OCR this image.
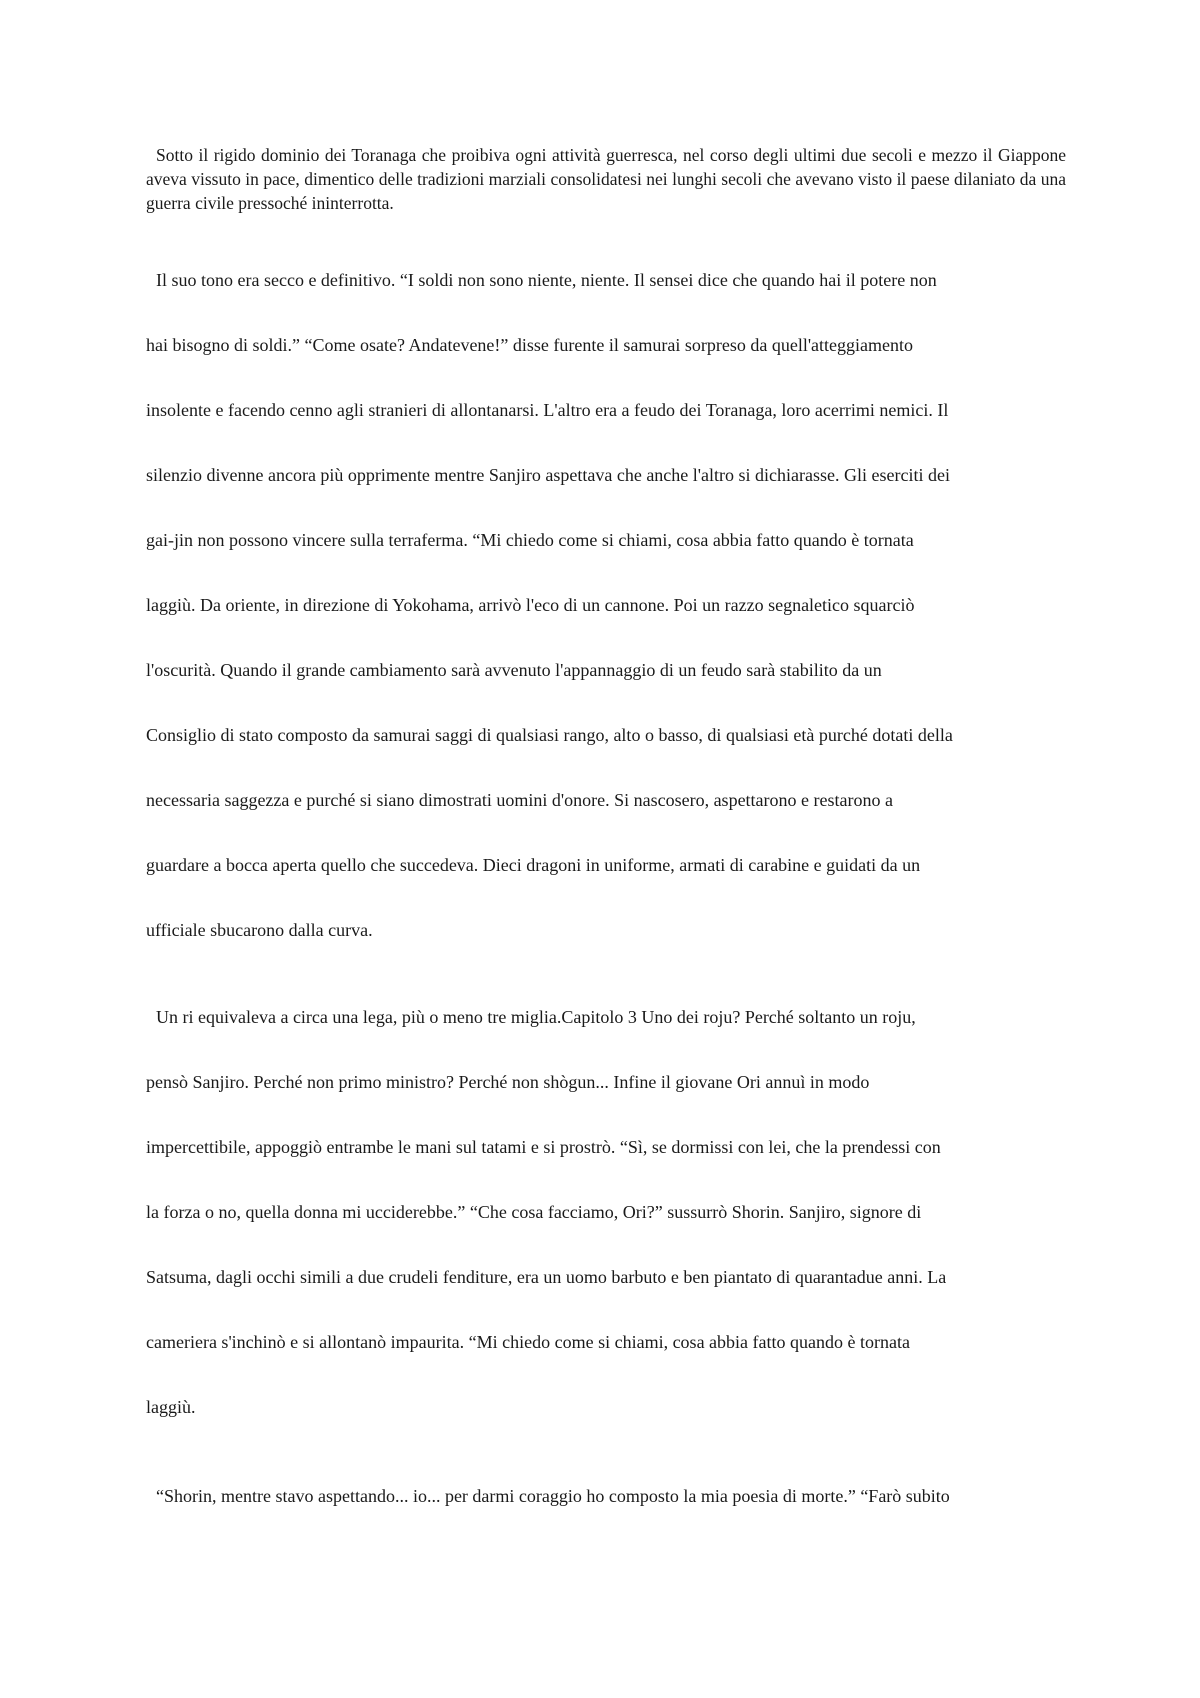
Sotto il rigido dominio dei Toranaga che proibiva ogni attività guerresca, nel corso degli ultimi due secoli e mezzo il Giappone aveva vissuto in pace, dimentico delle tradizioni marziali consolidatesi nei lunghi secoli che avevano visto il paese dilaniato da una guerra civile pressoché ininterrotta.
Il suo tono era secco e definitivo. “I soldi non sono niente, niente. Il sensei dice che quando hai il potere non
hai bisogno di soldi.” “Come osate? Andatevene!” disse furente il samurai sorpreso da quell'atteggiamento
insolente e facendo cenno agli stranieri di allontanarsi. L'altro era a feudo dei Toranaga, loro acerrimi nemici. Il
silenzio divenne ancora più opprimente mentre Sanjiro aspettava che anche l'altro si dichiarasse. Gli eserciti dei
gai-jin non possono vincere sulla terraferma. “Mi chiedo come si chiami, cosa abbia fatto quando è tornata
laggiù. Da oriente, in direzione di Yokohama, arrivò l'eco di un cannone. Poi un razzo segnaletico squarciò
l'oscurità. Quando il grande cambiamento sarà avvenuto l'appannaggio di un feudo sarà stabilito da un
Consiglio di stato composto da samurai saggi di qualsiasi rango, alto o basso, di qualsiasi età purché dotati della
necessaria saggezza e purché si siano dimostrati uomini d'onore. Si nascosero, aspettarono e restarono a
guardare a bocca aperta quello che succedeva. Dieci dragoni in uniforme, armati di carabine e guidati da un
ufficiale sbucarono dalla curva.
Un ri equivaleva a circa una lega, più o meno tre miglia.Capitolo 3 Uno dei roju? Perché soltanto un roju,
pensò Sanjiro. Perché non primo ministro? Perché non shògun... Infine il giovane Ori annuì in modo
impercettibile, appoggiò entrambe le mani sul tatami e si prostrò. “Sì, se dormissi con lei, che la prendessi con
la forza o no, quella donna mi ucciderebbe.” “Che cosa facciamo, Ori?” sussurrò Shorin. Sanjiro, signore di
Satsuma, dagli occhi simili a due crudeli fenditure, era un uomo barbuto e ben piantato di quarantadue anni. La
cameriera s'inchinò e si allontanò impaurita. “Mi chiedo come si chiami, cosa abbia fatto quando è tornata
laggiù.
“Shorin, mentre stavo aspettando... io... per darmi coraggio ho composto la mia poesia di morte.” “Farò subito
